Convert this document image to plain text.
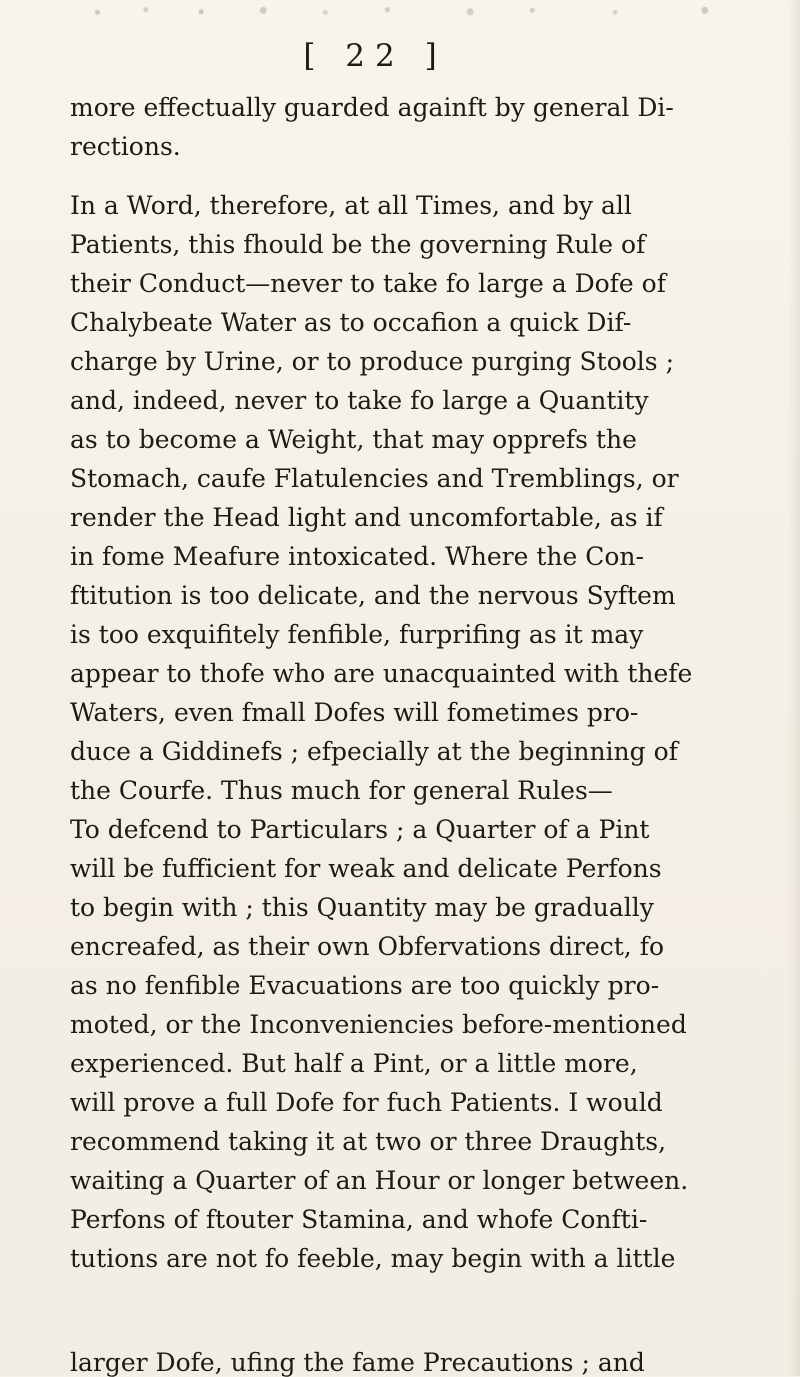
[ 22 ]

more effectually guarded againft by general Di-
rections.

In a Word, therefore, at all Times, and by all
Patients, this fhould be the governing Rule of
their Conduct—never to take fo large a Dofe of
Chalybeate Water as to occafion a quick Dif-
charge by Urine, or to produce purging Stools ;
and, indeed, never to take fo large a Quantity
as to become a Weight, that may opprefs the
Stomach, caufe Flatulencies and Tremblings, or
render the Head light and uncomfortable, as if
in fome Meafure intoxicated. Where the Con-
ftitution is too delicate, and the nervous Syftem
is too exquifitely fenfible, furprifing as it may
appear to thofe who are unacquainted with thefe
Waters, even fmall Dofes will fometimes pro-
duce a Giddinefs ; efpecially at the beginning of
the Courfe. Thus much for general Rules—
To defcend to Particulars ; a Quarter of a Pint
will be fufficient for weak and delicate Perfons
to begin with ; this Quantity may be gradually
encreafed, as their own Obfervations direct, fo
as no fenfible Evacuations are too quickly pro-
moted, or the Inconveniencies before-mentioned
experienced. But half a Pint, or a little more,
will prove a full Dofe for fuch Patients. I would
recommend taking it at two or three Draughts,
waiting a Quarter of an Hour or longer between.
Perfons of ftouter Stamina, and whofe Confti-
tutions are not fo feeble, may begin with a little

larger Dofe, ufing the fame Precautions ; and
